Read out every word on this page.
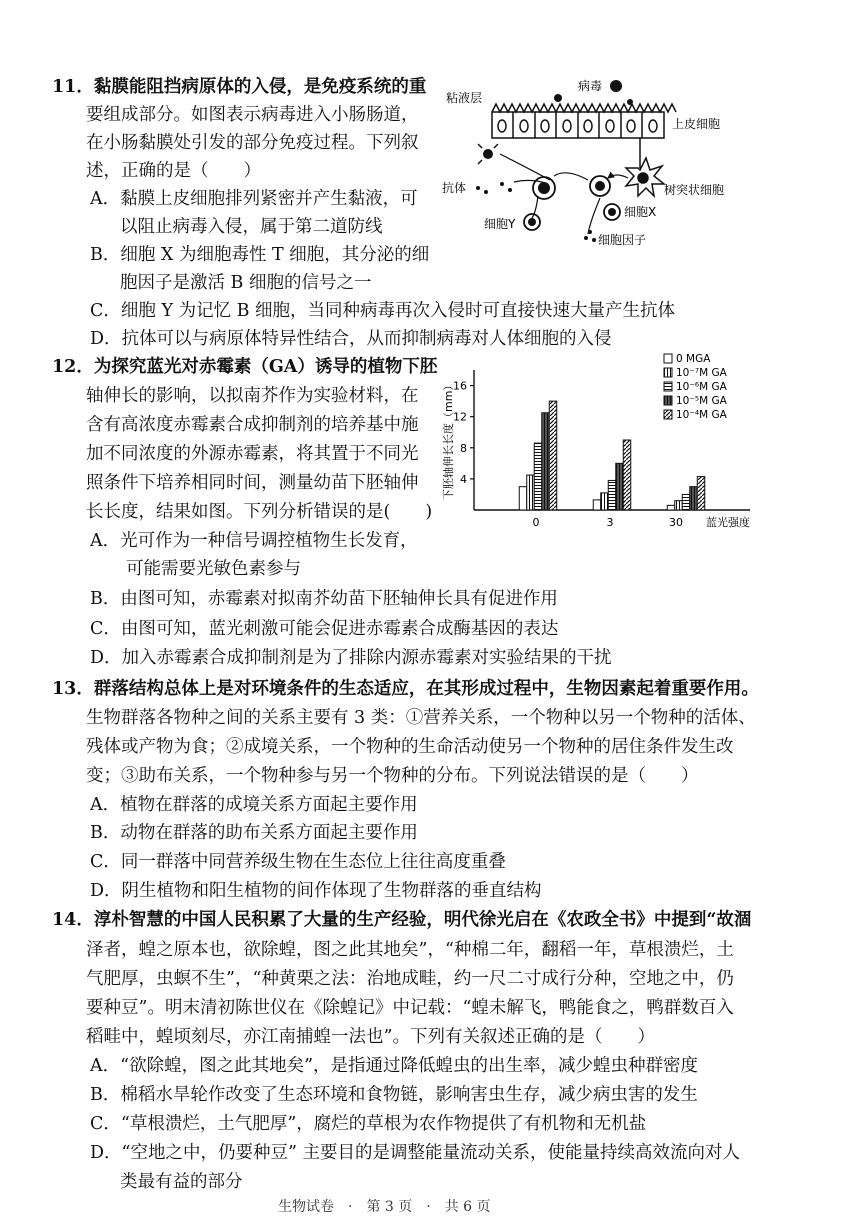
11．黏膜能阻挡病原体的入侵，是免疫系统的重
要组成部分。如图表示病毒进入小肠肠道，
在小肠黏膜处引发的部分免疫过程。下列叙
述，正确的是（　　）
A．黏膜上皮细胞排列紧密并产生黏液，可
以阻止病毒入侵，属于第二道防线
B．细胞 X 为细胞毒性 T 细胞，其分泌的细
胞因子是激活 B 细胞的信号之一
C．细胞 Y 为记忆 B 细胞，当同种病毒再次入侵时可直接快速大量产生抗体
D．抗体可以与病原体特异性结合，从而抑制病毒对人体细胞的入侵
粘液层
病毒
上皮细胞
树突状细胞
细胞X
细胞Y
抗体
细胞因子
12．为探究蓝光对赤霉素（GA）诱导的植物下胚
轴伸长的影响，以拟南芥作为实验材料，在
含有高浓度赤霉素合成抑制剂的培养基中施
加不同浓度的外源赤霉素，将其置于不同光
照条件下培养相同时间，测量幼苗下胚轴伸
长长度，结果如图。下列分析错误的是(　　)
A．光可作为一种信号调控植物生长发育，
可能需要光敏色素参与
B．由图可知，赤霉素对拟南芥幼苗下胚轴伸长具有促进作用
C．由图可知，蓝光刺激可能会促进赤霉素合成酶基因的表达
D．加入赤霉素合成抑制剂是为了排除内源赤霉素对实验结果的干扰
下胚轴伸长长度（mm） 4
8
12
16
0	3	30 蓝光强度
0 MGA
10⁻⁷M GA
10⁻⁶M GA
10⁻⁵M GA
10⁻⁴M GA
13．群落结构总体上是对环境条件的生态适应，在其形成过程中，生物因素起着重要作用。
生物群落各物种之间的关系主要有 3 类：①营养关系，一个物种以另一个物种的活体、
残体或产物为食；②成境关系，一个物种的生命活动使另一个物种的居住条件发生改
变；③助布关系，一个物种参与另一个物种的分布。下列说法错误的是（　　）
A．植物在群落的成境关系方面起主要作用
B．动物在群落的助布关系方面起主要作用
C．同一群落中同营养级生物在生态位上往往高度重叠
D．阴生植物和阳生植物的间作体现了生物群落的垂直结构
14．淳朴智慧的中国人民积累了大量的生产经验，明代徐光启在《农政全书》中提到“故涸
泽者，蝗之原本也，欲除蝗，图之此其地矣”，“种棉二年，翻稻一年，草根溃烂，土
气肥厚，虫螟不生”，“种黄栗之法：治地成畦，约一尺二寸成行分种，空地之中，仍
要种豆”。明末清初陈世仪在《除蝗记》中记载：“蝗未解飞，鸭能食之，鸭群数百入
稻畦中，蝗顷刻尽，亦江南捕蝗一法也”。下列有关叙述正确的是（　　）
A．“欲除蝗，图之此其地矣”，是指通过降低蝗虫的出生率，减少蝗虫种群密度
B．棉稻水旱轮作改变了生态环境和食物链，影响害虫生存，减少病虫害的发生
C．“草根溃烂，土气肥厚”，腐烂的草根为农作物提供了有机物和无机盐
D．“空地之中，仍要种豆” 主要目的是调整能量流动关系，使能量持续高效流向对人
类最有益的部分
生物试卷　·　第 3 页　·　共 6 页
